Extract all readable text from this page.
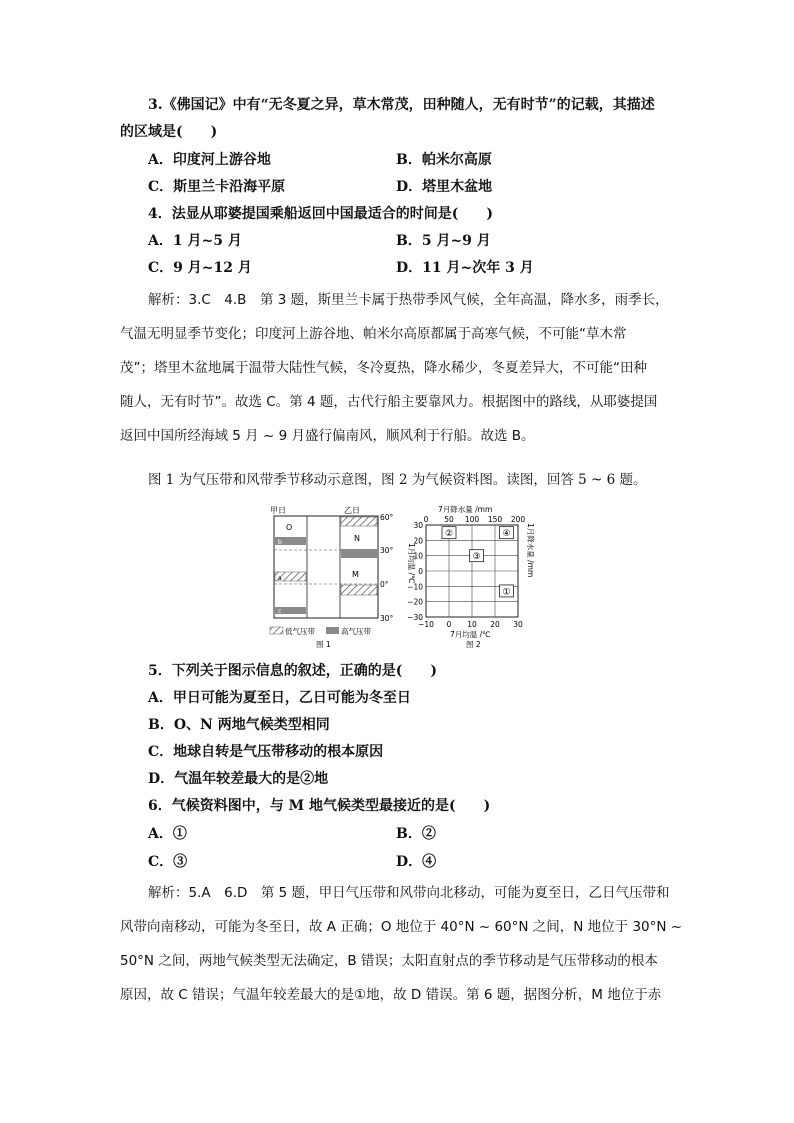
3.《佛国记》中有“无冬夏之异，草木常茂，田种随人，无有时节”的记载，其描述
的区域是(　　)
A．印度河上游谷地	B．帕米尔高原
C．斯里兰卡沿海平原	D．塔里木盆地
4．法显从耶婆提国乘船返回中国最适合的时间是(　　)
A．1 月~5 月	B．5 月~9 月
C．9 月~12 月	D．11 月~次年 3 月
解析：3.C　4.B　第 3 题，斯里兰卡属于热带季风气候，全年高温，降水多，雨季长，
气温无明显季节变化；印度河上游谷地、帕米尔高原都属于高寒气候，不可能“草木常
茂”；塔里木盆地属于温带大陆性气候，冬冷夏热，降水稀少，冬夏差异大，不可能“田种
随人，无有时节”。故选 C。第 4 题，古代行船主要靠风力。根据图中的路线，从耶婆提国
返回中国所经海域 5 月 ~ 9 月盛行偏南风，顺风利于行船。故选 B。
图 1 为气压带和风带季节移动示意图，图 2 为气候资料图。读图，回答 5 ~ 6 题。
甲日	乙日
O
b
a
c
N
M
60°
30°
0°
30°
低气压带	高气压带
图 1
7月降水量 /mm
0 50 100 150 200
30
20
10
0
−10
−20
−30
−10 0 10 20 30
②	④
③
①
1月均温 /℃	1月降水量 /mm
7月均温 /℃
图 2
5．下列关于图示信息的叙述，正确的是(　　)
A．甲日可能为夏至日，乙日可能为冬至日
B．O、N 两地气候类型相同
C．地球自转是气压带移动的根本原因
D．气温年较差最大的是②地
6．气候资料图中，与 M 地气候类型最接近的是(　　)
A．①	B．②
C．③	D．④
解析：5.A　6.D　第 5 题，甲日气压带和风带向北移动，可能为夏至日，乙日气压带和
风带向南移动，可能为冬至日，故 A 正确；O 地位于 40°N ~ 60°N 之间，N 地位于 30°N ~
50°N 之间，两地气候类型无法确定，B 错误；太阳直射点的季节移动是气压带移动的根本
原因，故 C 错误；气温年较差最大的是①地，故 D 错误。第 6 题，据图分析，M 地位于赤
